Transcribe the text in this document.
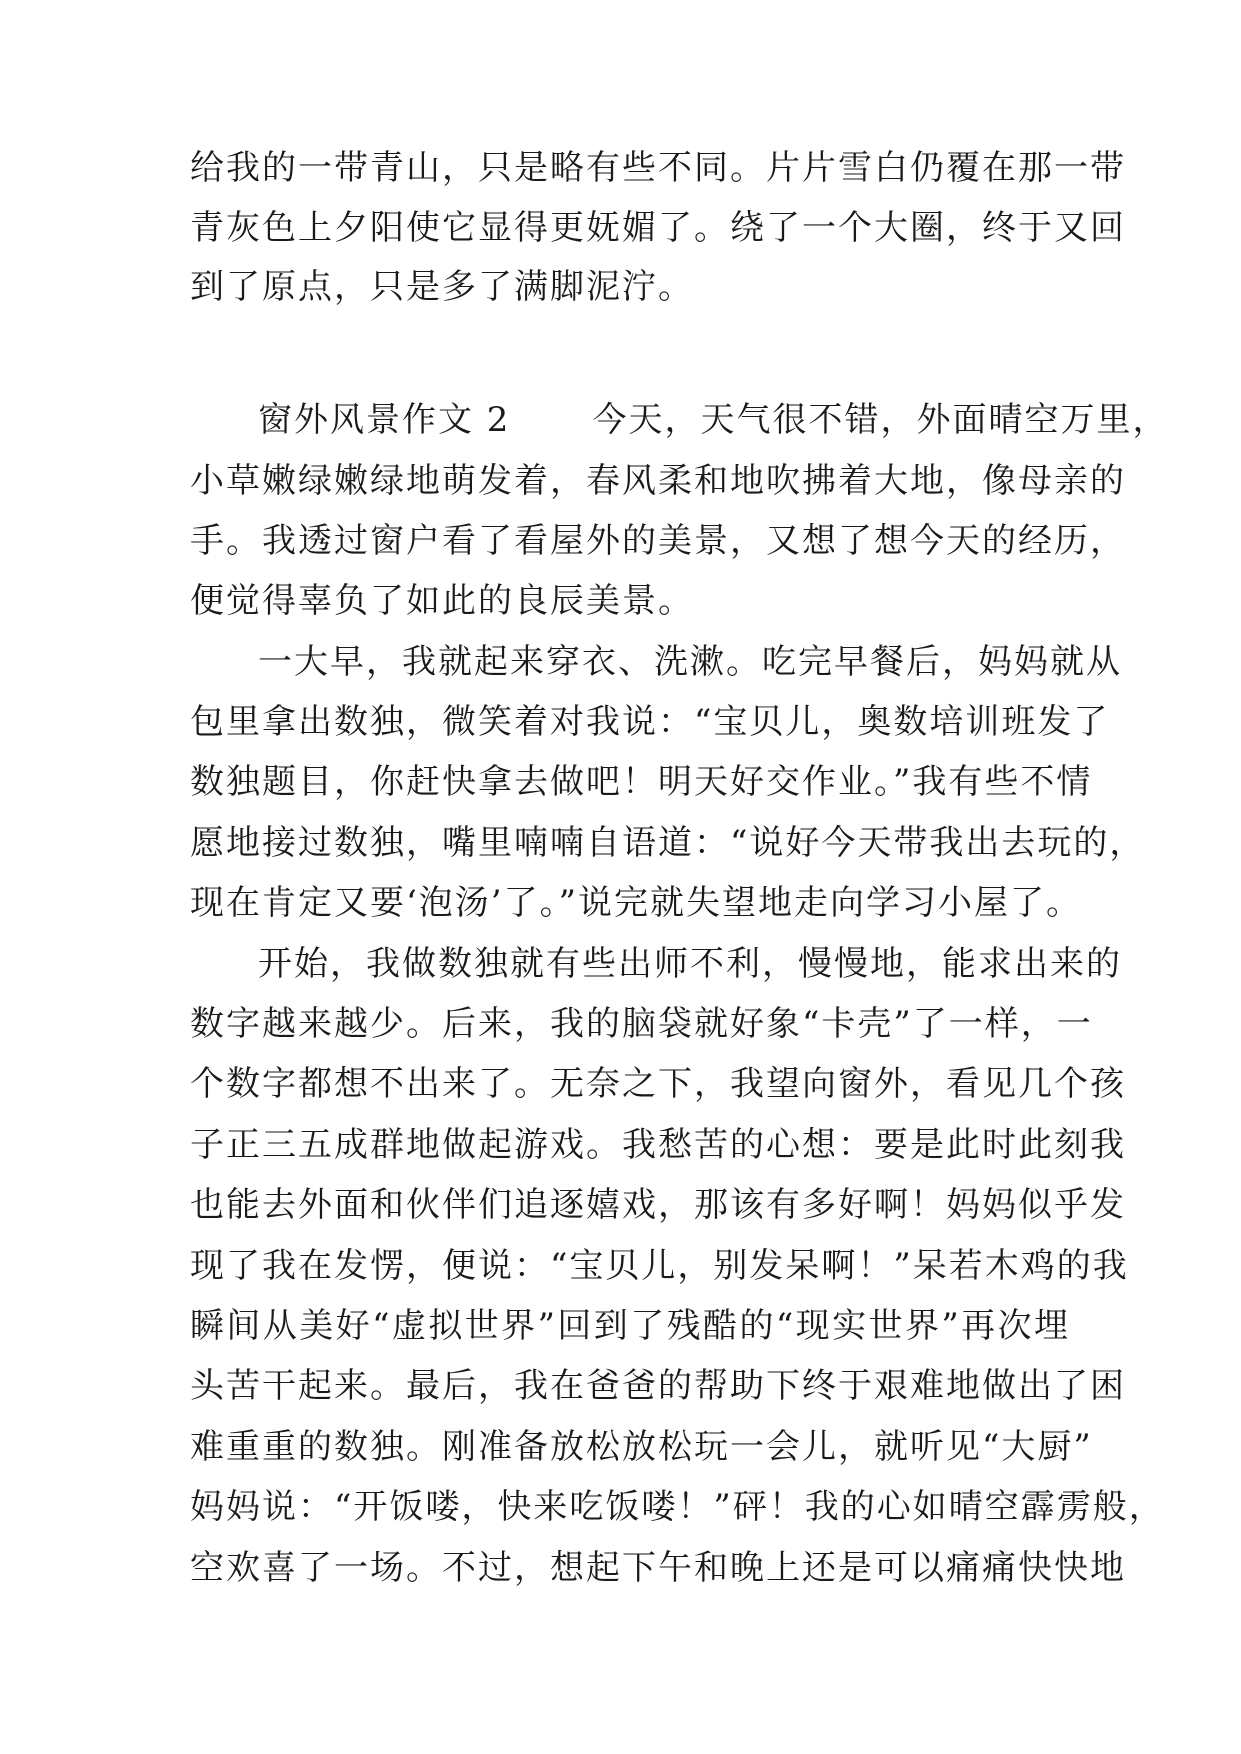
给我的一带青山，只是略有些不同。片片雪白仍覆在那一带
青灰色上夕阳使它显得更妩媚了。绕了一个大圈，终于又回
到了原点，只是多了满脚泥泞。
窗外风景作文 2 今天，天气很不错，外面晴空万里，
小草嫩绿嫩绿地萌发着，春风柔和地吹拂着大地，像母亲的
手。我透过窗户看了看屋外的美景，又想了想今天的经历，
便觉得辜负了如此的良辰美景。
一大早，我就起来穿衣、洗漱。吃完早餐后，妈妈就从
包里拿出数独，微笑着对我说：“宝贝儿，奥数培训班发了
数独题目，你赶快拿去做吧！明天好交作业。”我有些不情
愿地接过数独，嘴里喃喃自语道：“说好今天带我出去玩的，
现在肯定又要‘泡汤’了。”说完就失望地走向学习小屋了。
开始，我做数独就有些出师不利，慢慢地，能求出来的
数字越来越少。后来，我的脑袋就好象“卡壳”了一样，一
个数字都想不出来了。无奈之下，我望向窗外，看见几个孩
子正三五成群地做起游戏。我愁苦的心想：要是此时此刻我
也能去外面和伙伴们追逐嬉戏，那该有多好啊！妈妈似乎发
现了我在发愣，便说：“宝贝儿，别发呆啊！”呆若木鸡的我
瞬间从美好“虚拟世界”回到了残酷的“现实世界”再次埋
头苦干起来。最后，我在爸爸的帮助下终于艰难地做出了困
难重重的数独。刚准备放松放松玩一会儿，就听见“大厨”
妈妈说：“开饭喽，快来吃饭喽！”砰！我的心如晴空霹雳般，
空欢喜了一场。不过，想起下午和晚上还是可以痛痛快快地
